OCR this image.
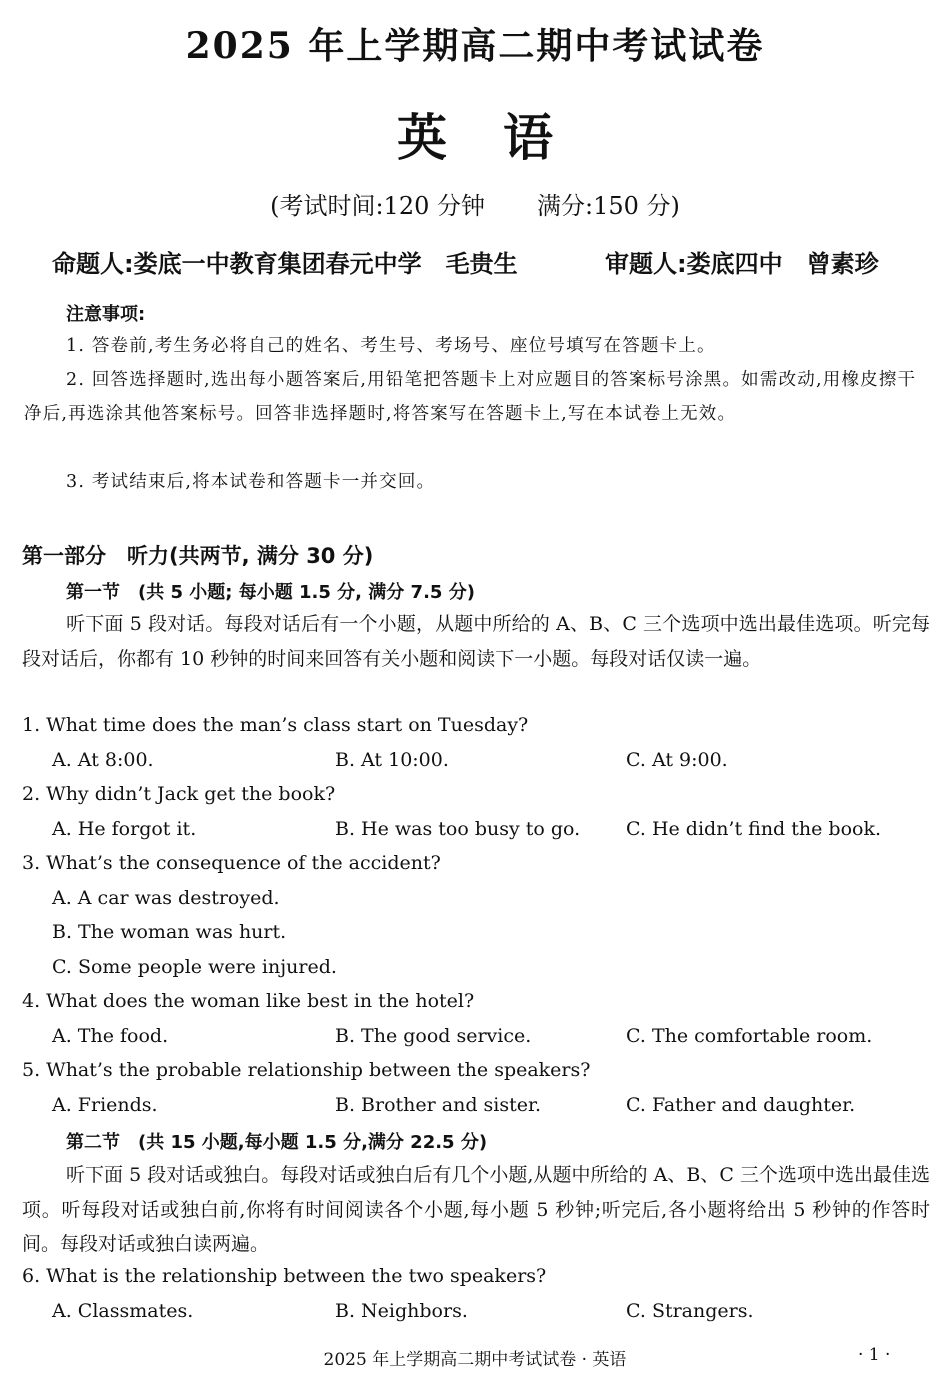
2025 年上学期高二期中考试试卷
英 语
(考试时间:120 分钟 满分:150 分)
命题人:娄底一中教育集团春元中学　毛贵生	审题人:娄底四中　曾素珍
注意事项:
1. 答卷前,考生务必将自己的姓名、考生号、考场号、座位号填写在答题卡上。
2. 回答选择题时,选出每小题答案后,用铅笔把答题卡上对应题目的答案标号涂黑。如需改动,用橡皮擦干净后,再选涂其他答案标号。回答非选择题时,将答案写在答题卡上,写在本试卷上无效。
3. 考试结束后,将本试卷和答题卡一并交回。
第一部分　听力(共两节, 满分 30 分)
第一节　(共 5 小题; 每小题 1.5 分, 满分 7.5 分)
听下面 5 段对话。每段对话后有一个小题，从题中所给的 A、B、C 三个选项中选出最佳选项。听完每段对话后，你都有 10 秒钟的时间来回答有关小题和阅读下一小题。每段对话仅读一遍。
1. What time does the man’s class start on Tuesday?
A. At 8:00.	B. At 10:00.	C. At 9:00.
2. Why didn’t Jack get the book?
A. He forgot it.	B. He was too busy to go. C. He didn’t find the book.
3. What’s the consequence of the accident?
A. A car was destroyed.
B. The woman was hurt.
C. Some people were injured.
4. What does the woman like best in the hotel?
A. The food.	B. The good service.	C. The comfortable room.
5. What’s the probable relationship between the speakers?
A. Friends.	B. Brother and sister.	C. Father and daughter.
第二节　(共 15 小题,每小题 1.5 分,满分 22.5 分)
听下面 5 段对话或独白。每段对话或独白后有几个小题,从题中所给的 A、B、C 三个选项中选出最佳选项。听每段对话或独白前,你将有时间阅读各个小题,每小题 5 秒钟;听完后,各小题将给出 5 秒钟的作答时间。每段对话或独白读两遍。
6. What is the relationship between the two speakers?
A. Classmates.	B. Neighbors.	C. Strangers.
2025 年上学期高二期中考试试卷 · 英语	· 1 ·
